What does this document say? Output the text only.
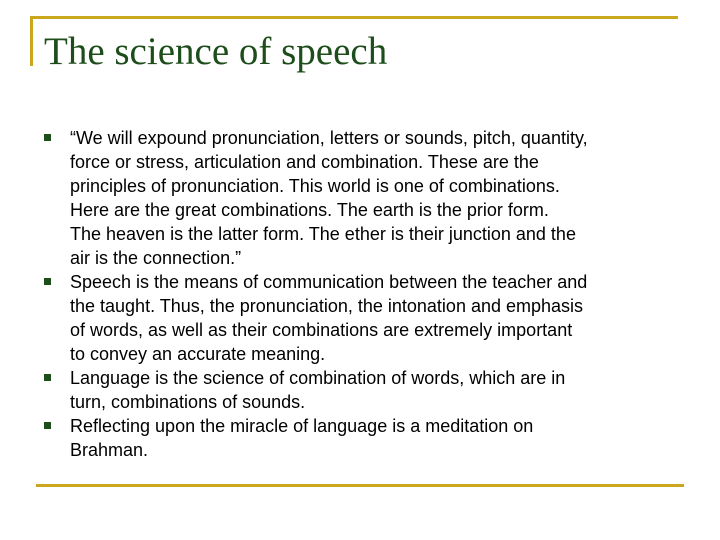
The science of speech
“We will expound pronunciation, letters or sounds, pitch, quantity,
force or stress, articulation and combination. These are the
principles of pronunciation. This world is one of combinations.
Here are the great combinations. The earth is the prior form.
The heaven is the latter form. The ether is their junction and the
air is the connection.”
Speech is the means of communication between the teacher and
the taught. Thus, the pronunciation, the intonation and emphasis
of words, as well as their combinations are extremely important
to convey an accurate meaning.
Language is the science of combination of words, which are in
turn, combinations of sounds.
Reflecting upon the miracle of language is a meditation on
Brahman.
